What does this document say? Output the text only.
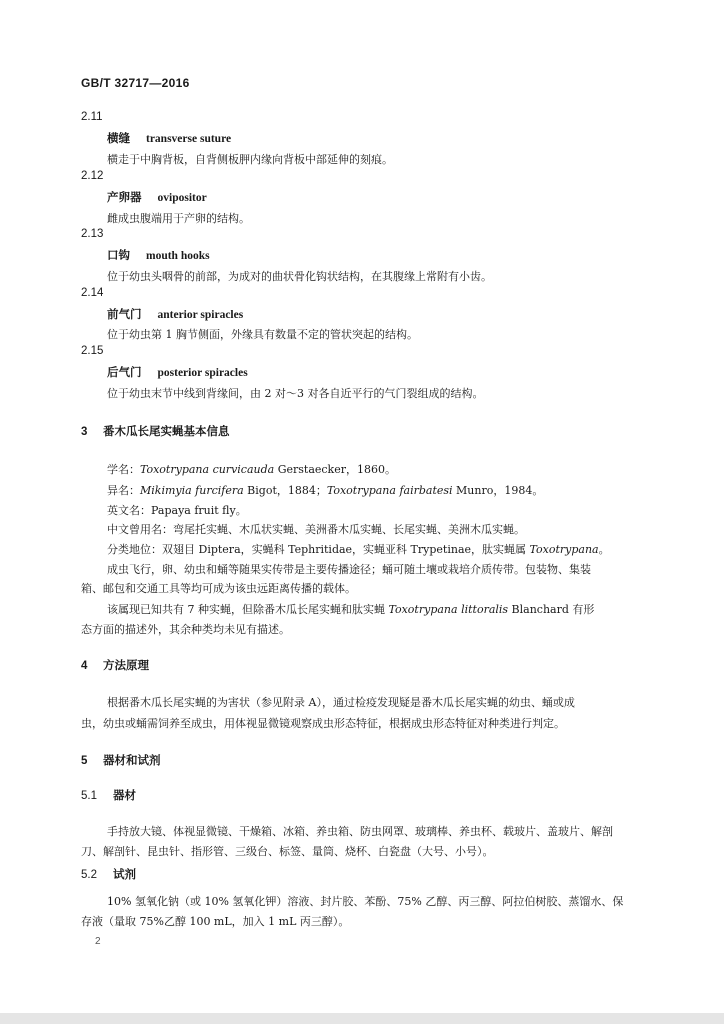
GB/T 32717—2016
2.11
横缝 transverse suture
横走于中胸背板，自背侧板胛内缘向背板中部延伸的刻痕。
2.12
产卵器 ovipositor
雌成虫腹端用于产卵的结构。
2.13
口钩 mouth hooks
位于幼虫头咽骨的前部，为成对的曲状骨化钩状结构，在其腹缘上常附有小齿。
2.14
前气门 anterior spiracles
位于幼虫第 1 胸节侧面，外缘具有数量不定的管状突起的结构。
2.15
后气门 posterior spiracles
位于幼虫末节中线到背缘间，由 2 对～3 对各自近平行的气门裂组成的结构。
3 番木瓜长尾实蝇基本信息
学名：Toxotrypana curvicauda Gerstaecker，1860。
异名：Mikimyia furcifera Bigot，1884；Toxotrypana fairbatesi Munro，1984。
英文名：Papaya fruit fly。
中文曾用名：弯尾托实蝇、木瓜状实蝇、美洲番木瓜实蝇、长尾实蝇、美洲木瓜实蝇。
分类地位：双翅目 Diptera，实蝇科 Tephritidae，实蝇亚科 Trypetinae，肽实蝇属 Toxotrypana。
成虫飞行，卵、幼虫和蛹等随果实传带是主要传播途径；蛹可随土壤或栽培介质传带。包装物、集装
箱、邮包和交通工具等均可成为该虫远距离传播的载体。
该属现已知共有 7 种实蝇，但除番木瓜长尾实蝇和肽实蝇 Toxotrypana littoralis Blanchard 有形
态方面的描述外，其余种类均未见有描述。
4 方法原理
根据番木瓜长尾实蝇的为害状（参见附录 A），通过检疫发现疑是番木瓜长尾实蝇的幼虫、蛹或成
虫，幼虫或蛹需饲养至成虫，用体视显微镜观察成虫形态特征，根据成虫形态特征对种类进行判定。
5 器材和试剂
5.1 器材
手持放大镜、体视显微镜、干燥箱、冰箱、养虫箱、防虫网罩、玻璃棒、养虫杯、载玻片、盖玻片、解剖
刀、解剖针、昆虫针、指形管、三级台、标签、量筒、烧杯、白瓷盘（大号、小号）。
5.2 试剂
10% 氢氧化钠（或 10% 氢氧化钾）溶液、封片胶、苯酚、75% 乙醇、丙三醇、阿拉伯树胶、蒸馏水、保
存液（量取 75%乙醇 100 mL，加入 1 mL 丙三醇）。
2
